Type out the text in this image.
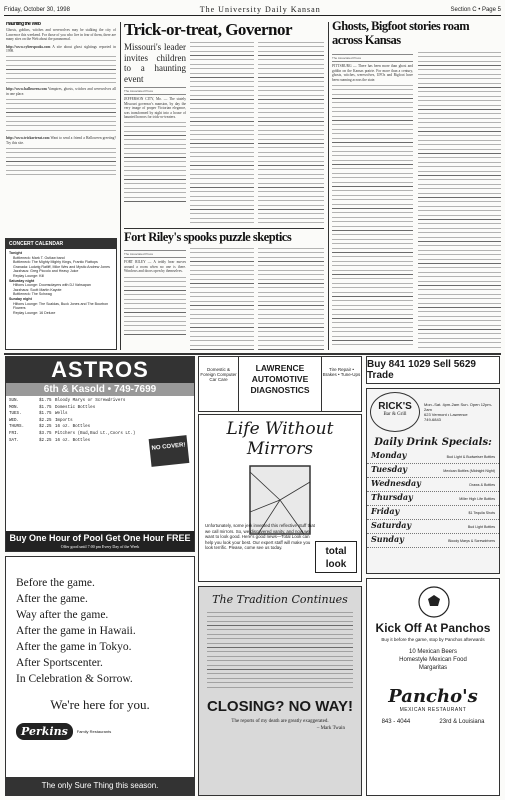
Friday, October 30, 1998	The University Daily Kansan	Section C • Page 5
Haunting the Web

Ghosts, goblins, witches and werewolves may be stalking the city of Lawrence this weekend. For those of you who live in fear of them, there are many sites on the Web about the paranormal.

http://www.cyberspooks.com A site about ghost sightings reported in 1998.
http://www.halloween.com Vampires, ghosts, witches and werewolves all in one place.
http://www.trickortreat.com Want to send a friend a Halloween greeting? Try this site.
CONCERT CALENDAR
Tonight
Bottleneck: Mark T. Outlaw band
Bottleneck: The Mighty Mighty Kings, Frantic Flattops
Granada: Ludwig Ratliff, Mike Wes and Mystic Andrew Jones
Jazzhaus: Greg Piccolo and Heavy Juice
Replay Lounge: Kill
Saturday night
Hiltons Lounge: Doomsdayers with DJ Vahsapan
Jazzhaus: Scott Martin Kayote
Bottleneck: The Schwag
Sunday night
Hiltons Lounge: The Scaldas, Buck Jones and The Bourbon Flowers
Replay Lounge: 16 Deluxe
Trick-or-treat, Governor
Missouri's leader invites children to a haunting event
The Associated Press

JEFFERSON CITY, Mo. — The stately Missouri governor's mansion, by day the very image of proper Victorian elegance, was transformed by night into a house of haunted horrors for trick-or-treaters.

Ghosts, Bigfoot stories roam across Kansas
The Associated Press

PITTSBURG — There has been more than ghost and goblin on the Kansas prairie. For more than a century, ghosts, witches, werewolves, UFOs and Bigfoot have been roaming across the state.

Fort Riley's spooks puzzle skeptics
The Associated Press

FORT RILEY — A teddy bear moves around a room when no one is there. Windows and doors open by themselves.

ASTROS
6th & Kasold • 749-7699
SUN.	$1.75 Bloody Marys or Screwdrivers
MON.	$1.75 Domestic Bottles
TUES.	$1.75 Wells
WED.	$2.25 Imports
THURS.	$2.25 16 oz. Bottles
FRI.	$3.75 Pitchers (Bud,Bud Lt.,Coors Lt.)
SAT.	$2.25 16 oz. Bottles
NO COVER!
Buy One Hour of Pool Get One Hour FREE
Offer good until 7:00 pm Every Day of the Week
Domestic & Foreign Computer Car Care
LAWRENCE AUTOMOTIVE DIAGNOSTICS
Tire Repair • Brakes • Tune-Ups
Buy 841 1029 Sell 5629 Trade
Life Without Mirrors
Unfortunately, some jerk invented this reflective stuff that we call mirrors. So, we discovered vanity, and now we want to look good. Here's good news—Total Look can help you look your best. Our expert staff will make you look terrific. Please, come see us today.	total look
RICK'S
Bar & Grill
Mon.-Sat. 4pm-2am Sun. Open 12pm-2am
623 Vermont • Lawrence
749-6843
Daily Drink Specials:
Monday	Bud Light & Budweiser Bottles
Tuesday	Mexican Bottles (Midnight Night)
Wednesday	Draws & Bottles
Thursday	Miller High Life Bottles
Friday	$1 Tequila Shots
Saturday	Bud Light Bottles
Sunday	Bloody Marys & Screwdrivers
Before the game.
After the game.
Way after the game.
After the game in Hawaii.
After the game in Tokyo.
After Sportscenter.
In Celebration & Sorrow.
We're here for you.
Perkins	Family Restaurants
The only Sure Thing this season.
The Tradition Continues
CLOSING? NO WAY!
The reports of my death are greatly exaggerated.
– Mark Twain
Kick Off At Panchos
Buy it before the game, stop by Panchos afterwards
10 Mexican Beers
Homestyle Mexican Food
Margaritas
Pancho's
MEXICAN RESTAURANT
843 - 4044	23rd & Louisiana
